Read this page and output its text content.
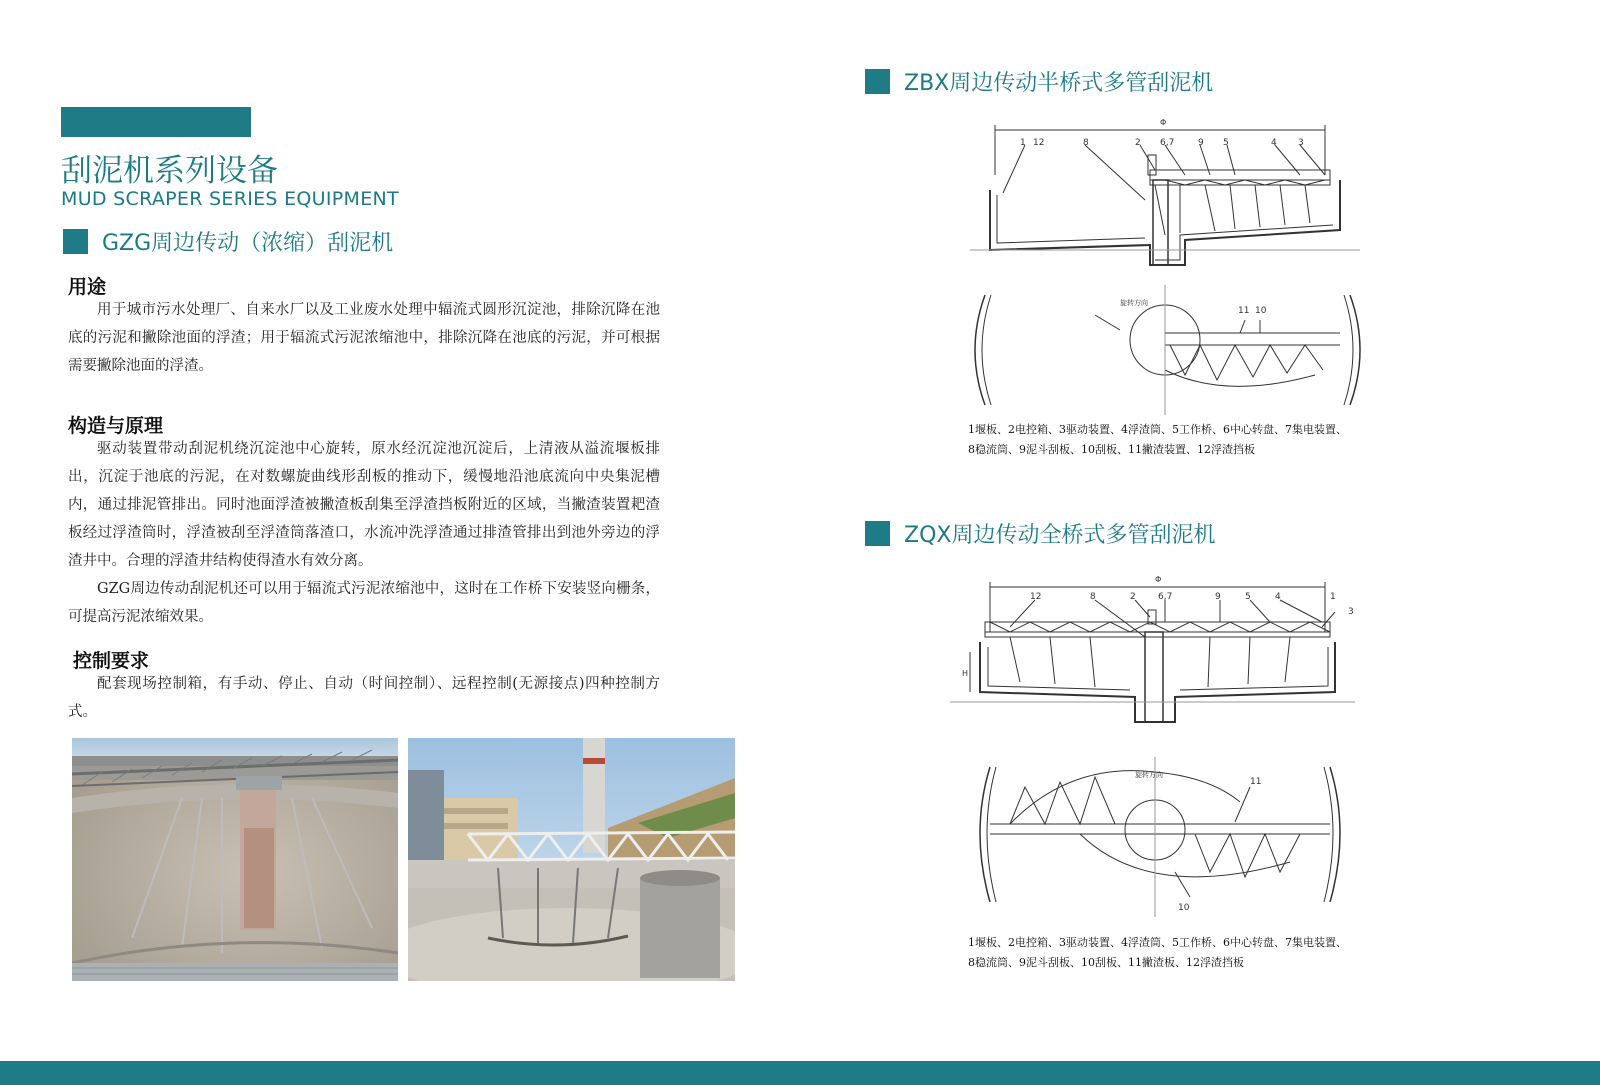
刮泥机系列设备
MUD SCRAPER SERIES EQUIPMENT
GZG周边传动（浓缩）刮泥机
用途

用于城市污水处理厂、自来水厂以及工业废水处理中辐流式圆形沉淀池，排除沉降在池底的污泥和撇除池面的浮渣；用于辐流式污泥浓缩池中，排除沉降在池底的污泥，并可根据需要撇除池面的浮渣。

构造与原理

驱动装置带动刮泥机绕沉淀池中心旋转，原水经沉淀池沉淀后，上清液从溢流堰板排出，沉淀于池底的污泥，在对数螺旋曲线形刮板的推动下，缓慢地沿池底流向中央集泥槽内，通过排泥管排出。同时池面浮渣被撇渣板刮集至浮渣挡板附近的区域，当撇渣装置耙渣板经过浮渣筒时，浮渣被刮至浮渣筒落渣口，水流冲洗浮渣通过排渣管排出到池外旁边的浮渣井中。合理的浮渣井结构使得渣水有效分离。

GZG周边传动刮泥机还可以用于辐流式污泥浓缩池中，这时在工作桥下安装竖向栅条，可提高污泥浓缩效果。

控制要求

配套现场控制箱，有手动、停止、自动（时间控制）、远程控制(无源接点)四种控制方式。

ZBX周边传动半桥式多管刮泥机
Φ
1 12	8	2 6,7	9 5	4 3
11 10
旋转方向
1堰板、2电控箱、3驱动装置、4浮渣筒、5工作桥、6中心转盘、7集电装置、
8稳流筒、9泥斗刮板、10刮板、11撇渣装置、12浮渣挡板
ZQX周边传动全桥式多管刮泥机
Φ
12	8	2 6,7	9	5	4	1
3
H
11
10
旋转方向
1堰板、2电控箱、3驱动装置、4浮渣筒、5工作桥、6中心转盘、7集电装置、
8稳流筒、9泥斗刮板、10刮板、11撇渣板、12浮渣挡板
